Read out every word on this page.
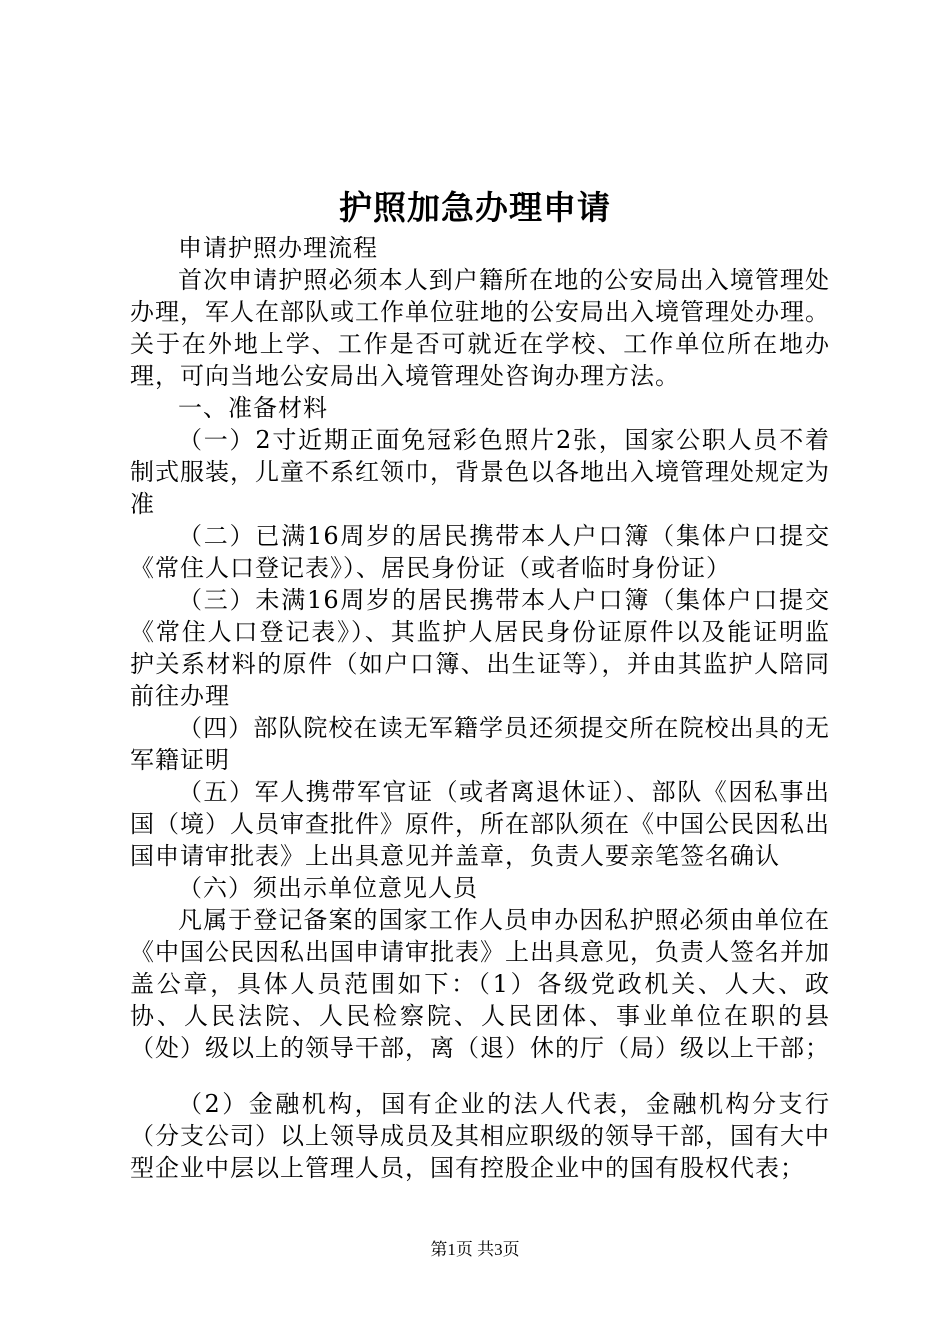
护照加急办理申请

申请护照办理流程

首次申请护照必须本人到户籍所在地的公安局出入境管理处办理，军人在部队或工作单位驻地的公安局出入境管理处办理。关于在外地上学、工作是否可就近在学校、工作单位所在地办理，可向当地公安局出入境管理处咨询办理方法。

一、准备材料

（一）2寸近期正面免冠彩色照片2张，国家公职人员不着制式服装，儿童不系红领巾，背景色以各地出入境管理处规定为准

（二）已满16周岁的居民携带本人户口簿（集体户口提交《常住人口登记表》）、居民身份证（或者临时身份证）

（三）未满16周岁的居民携带本人户口簿（集体户口提交《常住人口登记表》）、其监护人居民身份证原件以及能证明监护关系材料的原件（如户口簿、出生证等），并由其监护人陪同前往办理

（四）部队院校在读无军籍学员还须提交所在院校出具的无军籍证明

（五）军人携带军官证（或者离退休证）、部队《因私事出国（境）人员审查批件》原件，所在部队须在《中国公民因私出国申请审批表》上出具意见并盖章，负责人要亲笔签名确认

（六）须出示单位意见人员

凡属于登记备案的国家工作人员申办因私护照必须由单位在《中国公民因私出国申请审批表》上出具意见，负责人签名并加盖公章，具体人员范围如下：（1）各级党政机关、人大、政协、人民法院、人民检察院、人民团体、事业单位在职的县（处）级以上的领导干部，离（退）休的厅（局）级以上干部；

（2）金融机构，国有企业的法人代表，金融机构分支行（分支公司）以上领导成员及其相应职级的领导干部，国有大中型企业中层以上管理人员，国有控股企业中的国有股权代表；

第1页 共3页
